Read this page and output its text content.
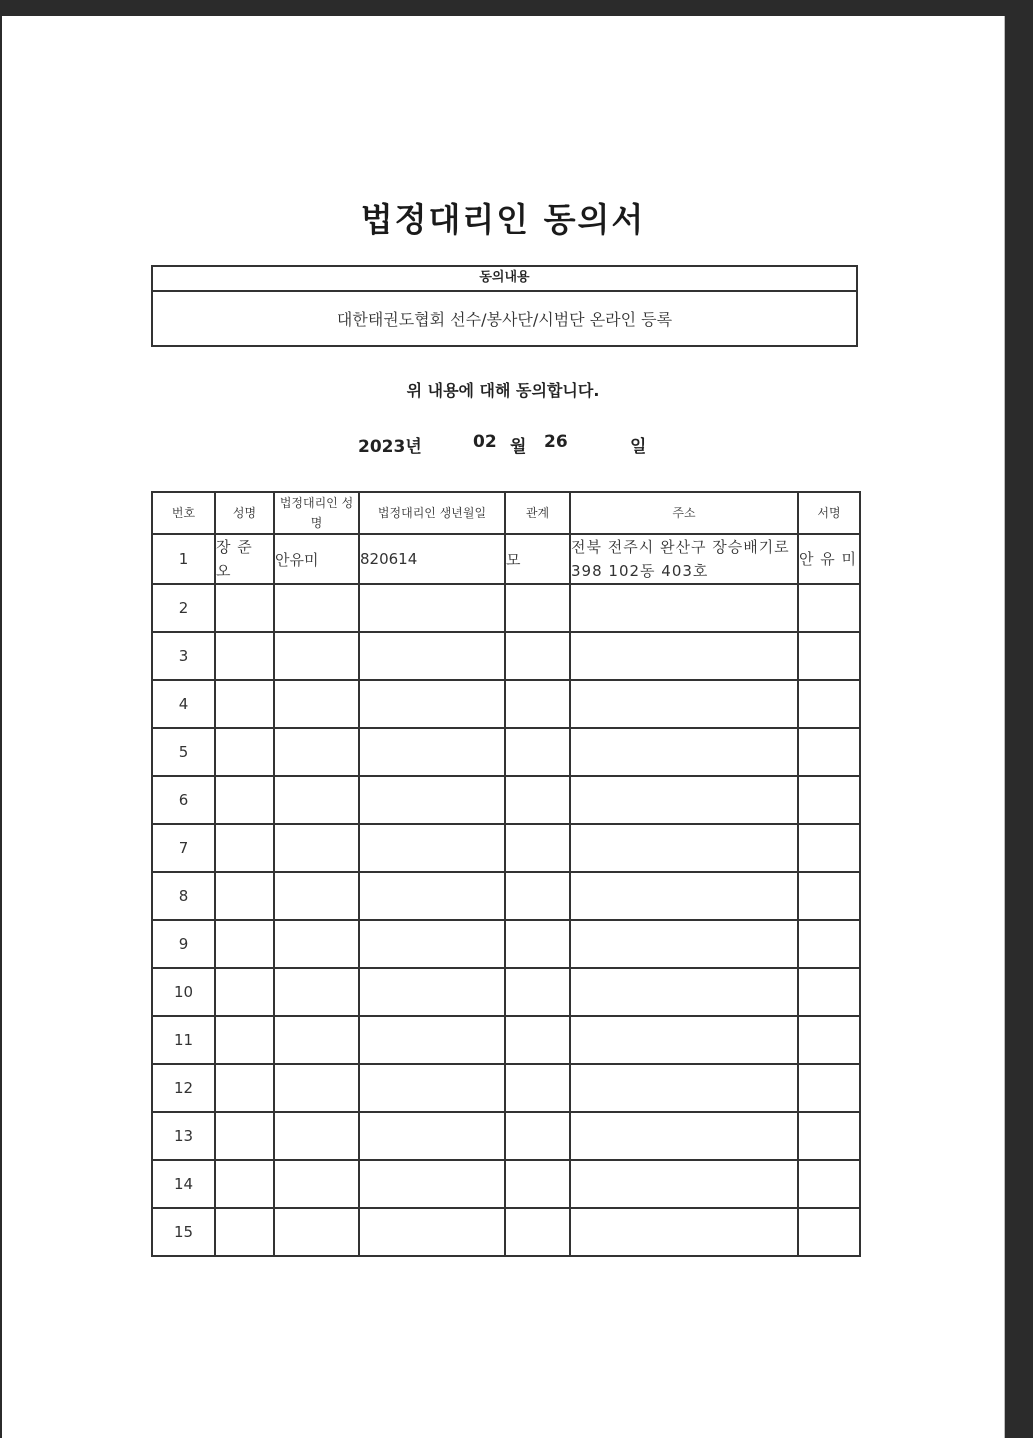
법정대리인 동의서
동의내용
대한태권도협회 선수/봉사단/시범단 온라인 등록
위 내용에 대해 동의합니다.
2023년	02 월 26	일
번호	성명	법정대리인 성명	법정대리인 생년월일	관계	주소	서명
1	장 준 오	안유미	820614	모	전북 전주시 완산구 장승배기로398 102동 403호	안 유 미
2						
3						
4						
5						
6						
7						
8						
9						
10						
11						
12						
13						
14						
15						
